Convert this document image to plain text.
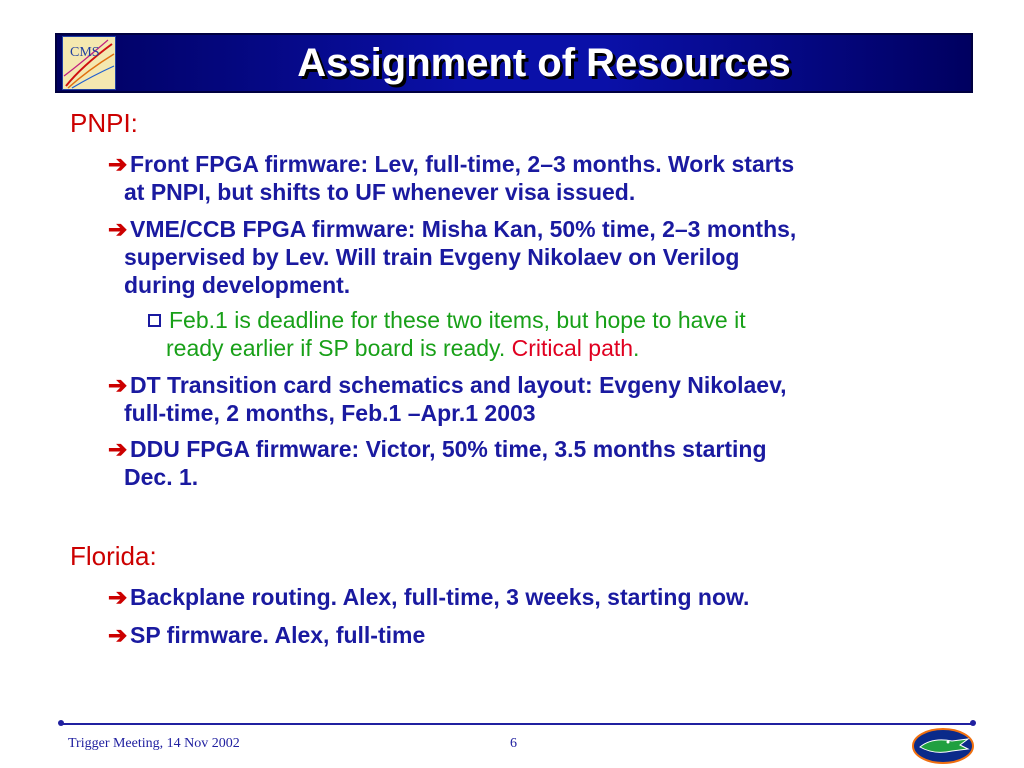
Assignment of Resources
CMS
PNPI:
➔ Front FPGA firmware: Lev, full-time, 2–3 months. Work starts
at PNPI, but shifts to UF whenever visa issued.
➔ VME/CCB FPGA firmware: Misha Kan, 50% time, 2–3 months,
supervised by Lev. Will train Evgeny Nikolaev on Verilog
during development.
Feb.1 is deadline for these two items, but hope to have it
ready earlier if SP board is ready. Critical path.
➔ DT Transition card schematics and layout: Evgeny Nikolaev,
full-time, 2 months, Feb.1 –Apr.1 2003
➔ DDU FPGA firmware: Victor, 50% time, 3.5 months starting
Dec. 1.
Florida:
➔ Backplane routing. Alex, full-time, 3 weeks, starting now.
➔ SP firmware. Alex, full-time
Trigger Meeting, 14 Nov 2002	6
